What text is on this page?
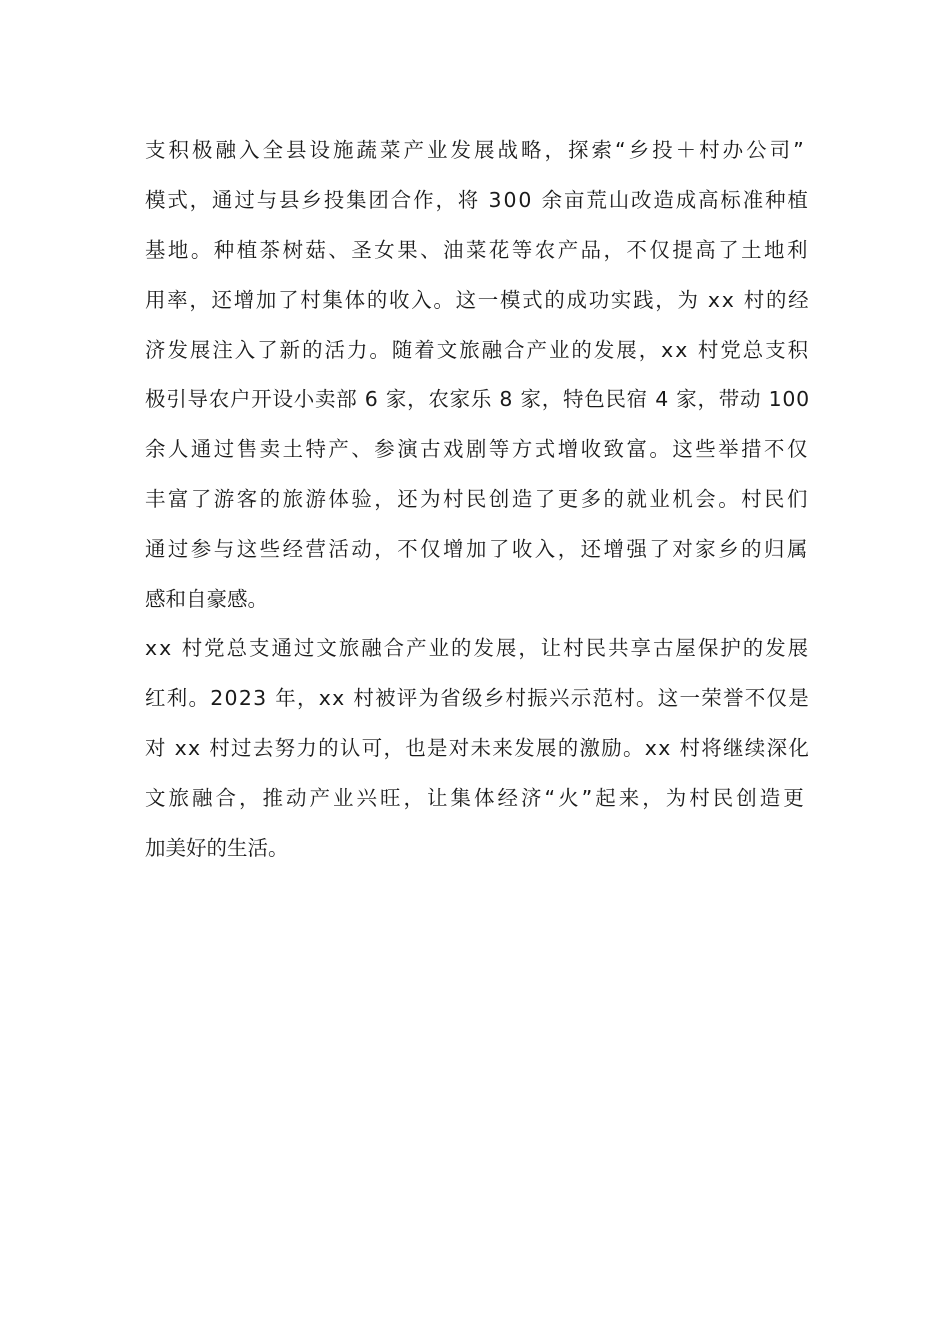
支积极融入全县设施蔬菜产业发展战略，探索“乡投＋村办公司”
模式，通过与县乡投集团合作，将 300 余亩荒山改造成高标准种植
基地。种植茶树菇、圣女果、油菜花等农产品，不仅提高了土地利
用率，还增加了村集体的收入。这一模式的成功实践，为 xx 村的经
济发展注入了新的活力。随着文旅融合产业的发展，xx 村党总支积
极引导农户开设小卖部 6 家，农家乐 8 家，特色民宿 4 家，带动 100
余人通过售卖土特产、参演古戏剧等方式增收致富。这些举措不仅
丰富了游客的旅游体验，还为村民创造了更多的就业机会。村民们
通过参与这些经营活动，不仅增加了收入，还增强了对家乡的归属
感和自豪感。
xx 村党总支通过文旅融合产业的发展，让村民共享古屋保护的发展
红利。2023 年，xx 村被评为省级乡村振兴示范村。这一荣誉不仅是
对 xx 村过去努力的认可，也是对未来发展的激励。xx 村将继续深化
文旅融合，推动产业兴旺，让集体经济“火”起来，为村民创造更
加美好的生活。
